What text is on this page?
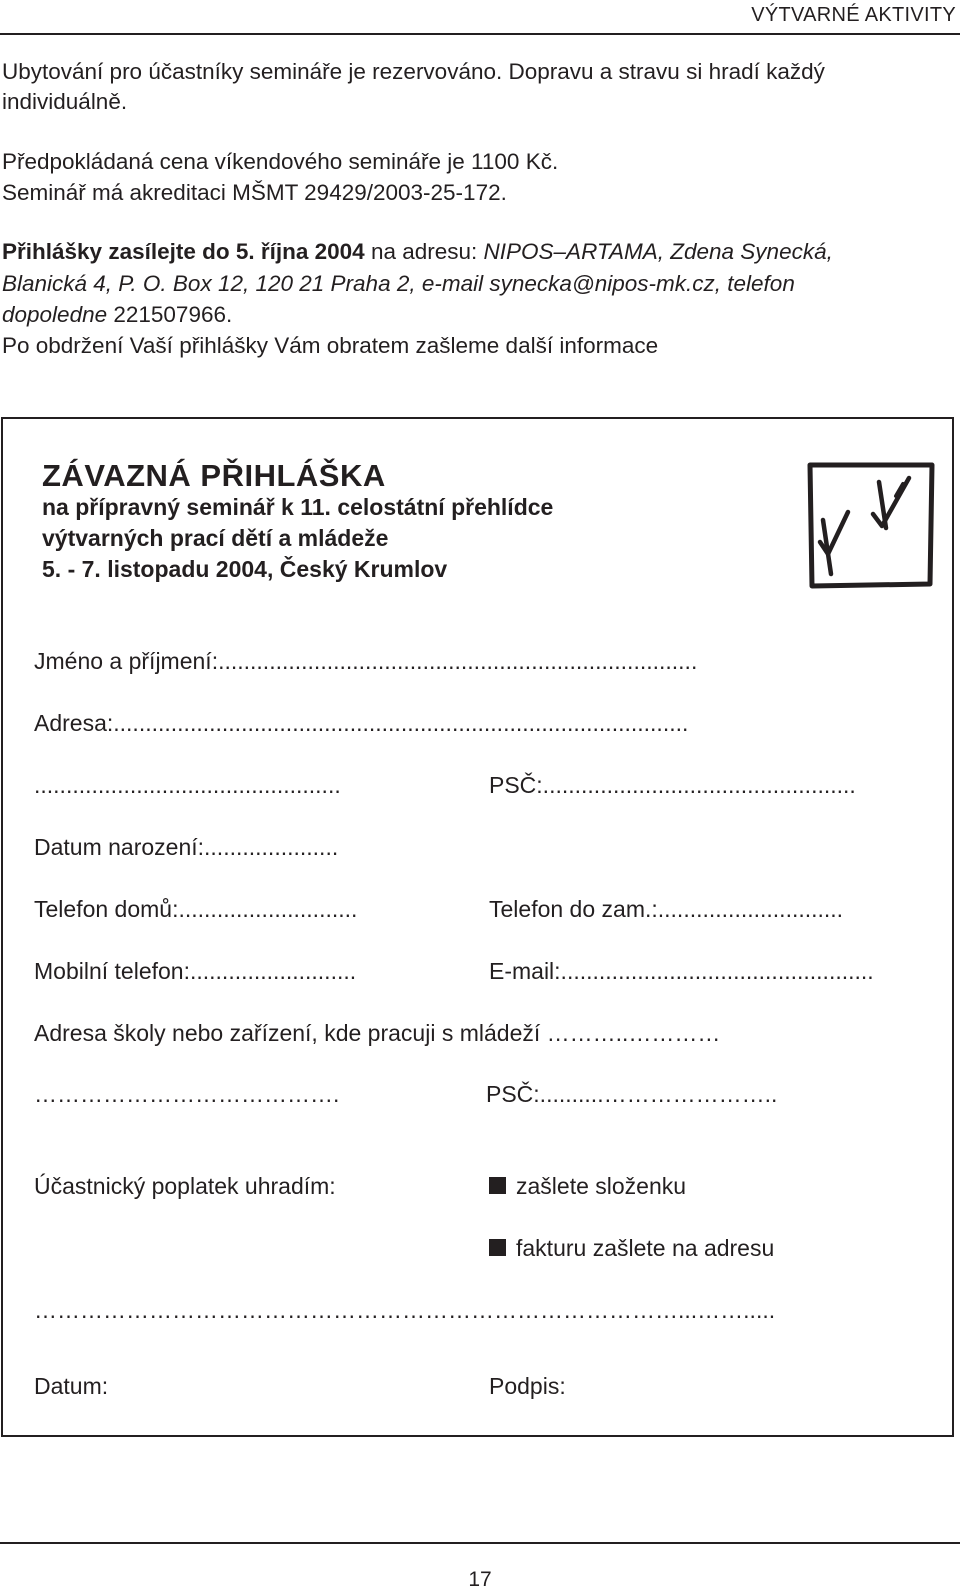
VÝTVARNÉ AKTIVITY
Ubytování pro účastníky semináře je rezervováno. Dopravu a stravu si hradí každý
individuálně.
Předpokládaná cena víkendového semináře je 1100 Kč.
Seminář má akreditaci MŠMT 29429/2003-25-172.
Přihlášky zasílejte do 5. října 2004 na adresu: NIPOS–ARTAMA, Zdena Synecká,
Blanická 4, P. O. Box 12, 120 21 Praha 2, e-mail synecka@nipos-mk.cz, telefon
dopoledne 221507966.
Po obdržení Vaší přihlášky Vám obratem zašleme další informace
ZÁVAZNÁ PŘIHLÁŠKA
na přípravný seminář k 11. celostátní přehlídce
výtvarných prací dětí a mládeže
5. - 7. listopadu 2004, Český Krumlov
Jméno a příjmení:...........................................................................
Adresa:..........................................................................................
................................................	PSČ:.................................................
Datum narození:.....................
Telefon domů:............................	Telefon do zam.:.............................
Mobilní telefon:..........................	E-mail:.................................................
Adresa školy nebo zařízení, kde pracuji s mládeží ………..…………
………………………………….	PSČ:..........…………………..
Účastnický poplatek uhradím:	zašlete složenku
fakturu zašlete na adresu
…………………………………………………………………………...…….....
Datum:	Podpis:
17
